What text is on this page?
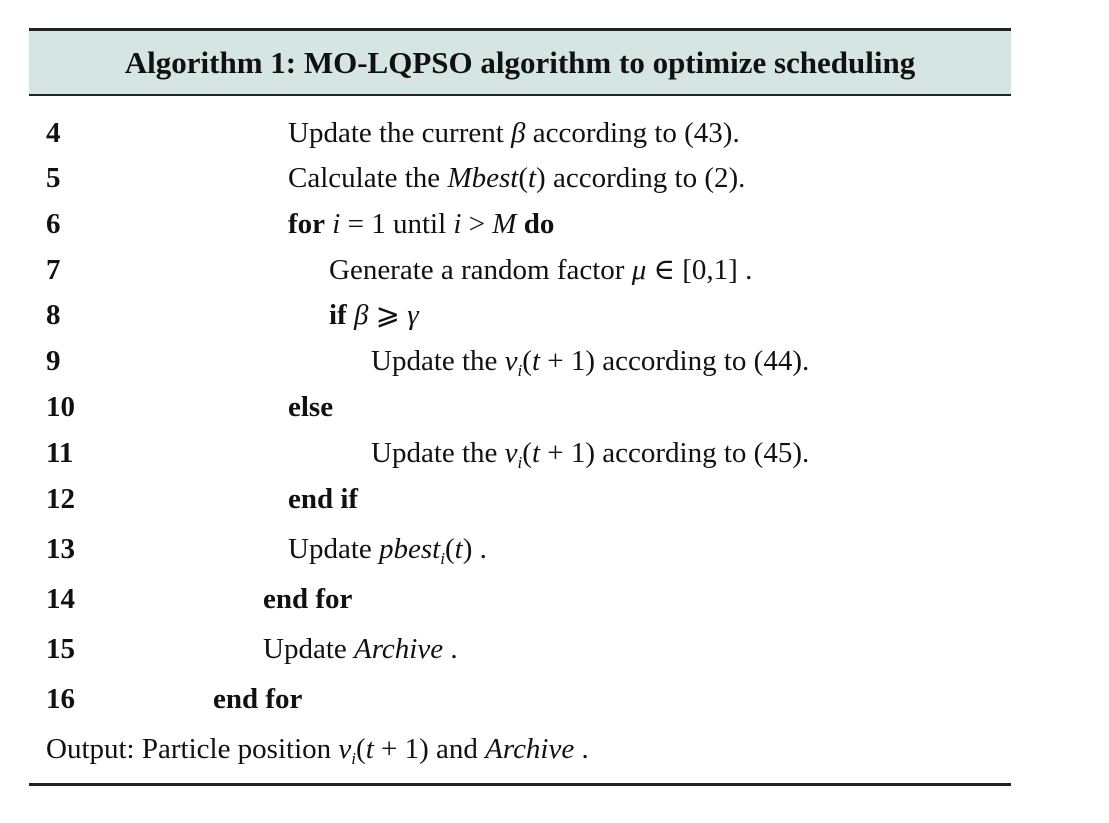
Algorithm 1: MO-LQPSO algorithm to optimize scheduling
4	Update the current β according to (43).
5	Calculate the Mbest(t) according to (2).
6	for i = 1 until i > M do
7	Generate a random factor μ ∈ [0,1] .
8	if β ⩾ γ
9	Update the $v_i(t + 1)$ according to (44).
10	else
11	Update the $v_i(t + 1)$ according to (45).
12	end if
13	Update pbest$_i$(t) .
14	end for
15	Update Archive .
16	end for
Output: Particle position $v_i(t + 1)$ and Archive .
